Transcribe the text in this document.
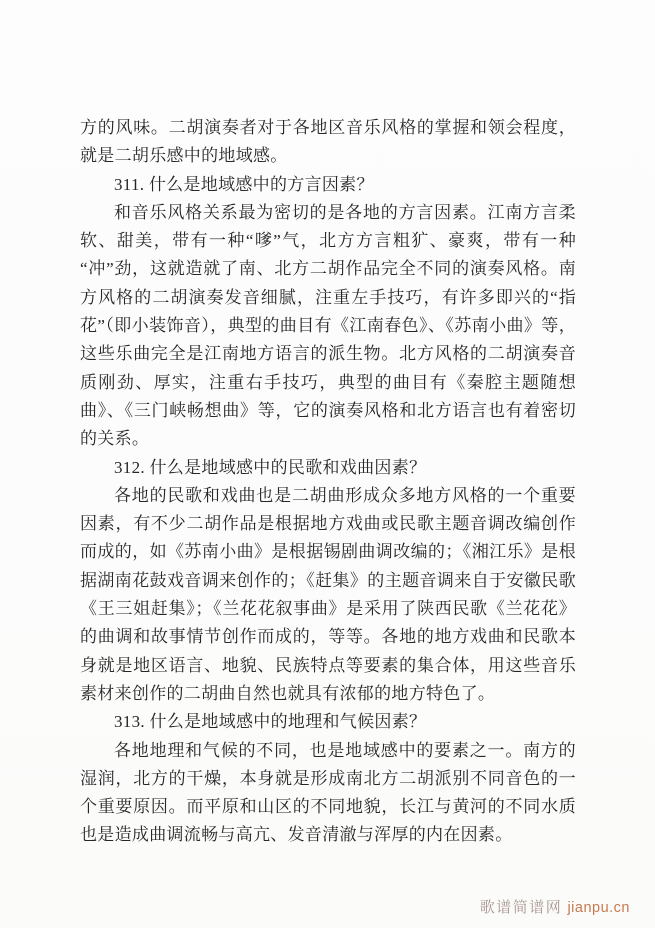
方的风味。二胡演奏者对于各地区音乐风格的掌握和领会程度，就是二胡乐感中的地域感。

311. 什么是地域感中的方言因素？

和音乐风格关系最为密切的是各地的方言因素。江南方言柔软、甜美，带有一种“嗲”气，北方方言粗犷、豪爽，带有一种“冲”劲，这就造就了南、北方二胡作品完全不同的演奏风格。南方风格的二胡演奏发音细腻，注重左手技巧，有许多即兴的“指花”（即小装饰音），典型的曲目有《江南春色》、《苏南小曲》等，这些乐曲完全是江南地方语言的派生物。北方风格的二胡演奏音质刚劲、厚实，注重右手技巧，典型的曲目有《秦腔主题随想曲》、《三门峡畅想曲》等，它的演奏风格和北方语言也有着密切的关系。

312. 什么是地域感中的民歌和戏曲因素？

各地的民歌和戏曲也是二胡曲形成众多地方风格的一个重要因素，有不少二胡作品是根据地方戏曲或民歌主题音调改编创作而成的，如《苏南小曲》是根据锡剧曲调改编的；《湘江乐》是根据湖南花鼓戏音调来创作的；《赶集》的主题音调来自于安徽民歌《王三姐赶集》；《兰花花叙事曲》是采用了陕西民歌《兰花花》的曲调和故事情节创作而成的，等等。各地的地方戏曲和民歌本身就是地区语言、地貌、民族特点等要素的集合体，用这些音乐素材来创作的二胡曲自然也就具有浓郁的地方特色了。

313. 什么是地域感中的地理和气候因素？

各地地理和气候的不同，也是地域感中的要素之一。南方的湿润，北方的干燥，本身就是形成南北方二胡派别不同音色的一个重要原因。而平原和山区的不同地貌，长江与黄河的不同水质也是造成曲调流畅与高亢、发音清澈与浑厚的内在因素。

歌谱简谱网 jianpu.cn
